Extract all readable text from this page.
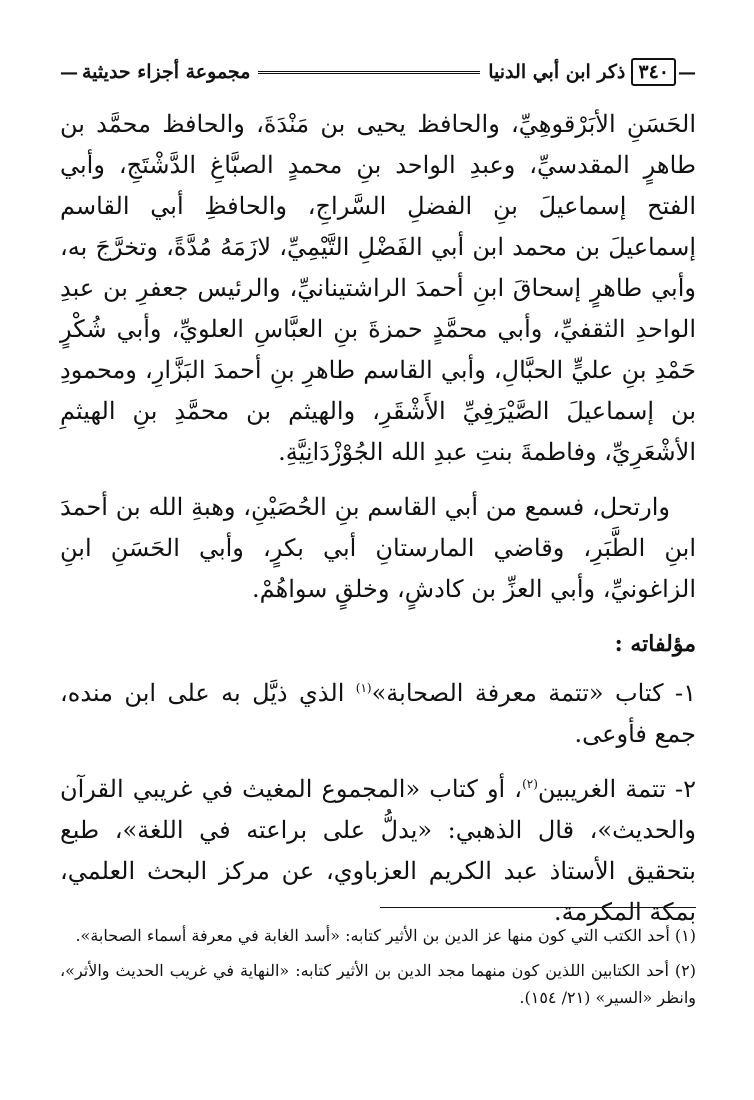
—
٣٤٠
ذكر ابن أبي الدنيا
مجموعة أجزاء حديثية
—

الحَسَنِ الأبَرْقوهِيِّ، والحافظ يحيى بن مَنْدَةَ، والحافظ محمَّد بن طاهرٍ المقدسيِّ، وعبدِ الواحد بنِ محمدٍ الصبَّاغِ الدَّشْتَجِ، وأبي الفتح إسماعيلَ بنِ الفضلِ السَّراجِ، والحافظِ أبي القاسم إسماعيلَ بن محمد ابن أبي الفَضْلِ التَّيْمِيِّ، لازَمَهُ مُدَّةً، وتخرَّجَ به، وأبي طاهرٍ إسحاقَ ابنِ أحمدَ الراشتينانيِّ، والرئيس جعفرِ بن عبدِ الواحدِ الثقفيِّ، وأبي محمَّدٍ حمزةَ بنِ العبَّاسِ العلويِّ، وأبي شُكْرٍ حَمْدِ بنِ عليٍّ الحبَّالِ، وأبي القاسم طاهرِ بنِ أحمدَ البَزَّارِ، ومحمودِ بن إسماعيلَ الصَّيْرَفِيِّ الأَشْقَرِ، والهيثم بن محمَّدِ بنِ الهيثمِ الأشْعَرِيِّ، وفاطمةَ بنتِ عبدِ الله الجُوْزْدَانِيَّةِ.

وارتحل، فسمع من أبي القاسم بنِ الحُصَيْنِ، وهبةِ الله بن أحمدَ ابنِ الطَّبَرِ، وقاضي المارستانِ أبي بكرٍ، وأبي الحَسَنِ ابنِ الزاغونيِّ، وأبي العزِّ بن كادشٍ، وخلقٍ سواهُمْ.

مؤلفاته :

١- كتاب «تتمة معرفة الصحابة»$^{(١)}$ الذي ذيَّل به على ابن منده، جمع فأوعى.

٢- تتمة الغريبين$^{(٢)}$، أو كتاب «المجموع المغيث في غريبي القرآن والحديث»، قال الذهبي: «يدلُّ على براعته في اللغة»، طبع بتحقيق الأستاذ عبد الكريم العزباوي، عن مركز البحث العلمي، بمكة المكرمة.

(١) أحد الكتب التي كون منها عز الدين بن الأثير كتابه: «أسد الغابة في معرفة أسماء الصحابة».

(٢) أحد الكتابين اللذين كون منهما مجد الدين بن الأثير كتابه: «النهاية في غريب الحديث والأثر»، وانظر «السير» (٢١/ ١٥٤).
